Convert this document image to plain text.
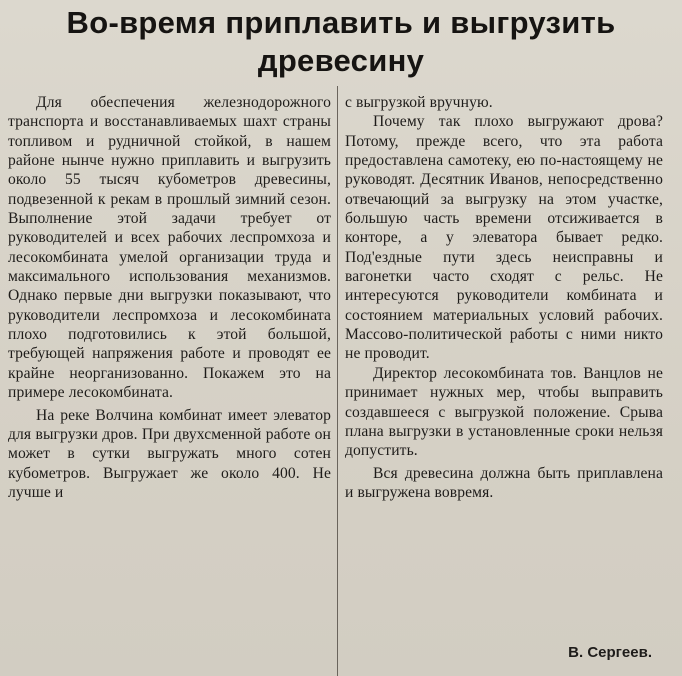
Во-время приплавить и выгрузить
древесину

Для обеспечения железнодорожного транспорта и восстанавливаемых шахт страны топливом и рудничной стойкой, в нашем районе нынче нужно приплавить и выгрузить около 55 тысяч кубометров древесины, подвезенной к рекам в прошлый зимний сезон. Выполнение этой задачи требует от руководителей и всех рабочих леспромхоза и лесокомбината умелой организации труда и максимального использования механизмов. Однако первые дни выгрузки показывают, что руководители леспромхоза и лесокомбината плохо подготовились к этой большой, требующей напряжения работе и проводят ее крайне неорганизованно. Покажем это на примере лесокомбината.

На реке Волчина комбинат имеет элеватор для выгрузки дров. При двухсменной работе он может в сутки выгружать много сотен кубометров. Выгружает же около 400. Не лучше и

с выгрузкой вручную.

Почему так плохо выгружают дрова? Потому, прежде всего, что эта работа предоставлена самотеку, ею по-настоящему не руководят. Десятник Иванов, непосредственно отвечающий за выгрузку на этом участке, большую часть времени отсиживается в конторе, а у элеватора бывает редко. Под'ездные пути здесь неисправны и вагонетки часто сходят с рельс. Не интересуются руководители комбината и состоянием материальных условий рабочих. Массово-политической работы с ними никто не проводит.

Директор лесокомбината тов. Ванцлов не принимает нужных мер, чтобы выправить создавшееся с выгрузкой положение. Срыва плана выгрузки в установленные сроки нельзя допустить.

Вся древесина должна быть приплавлена и выгружена вовремя.

В. Сергеев.
